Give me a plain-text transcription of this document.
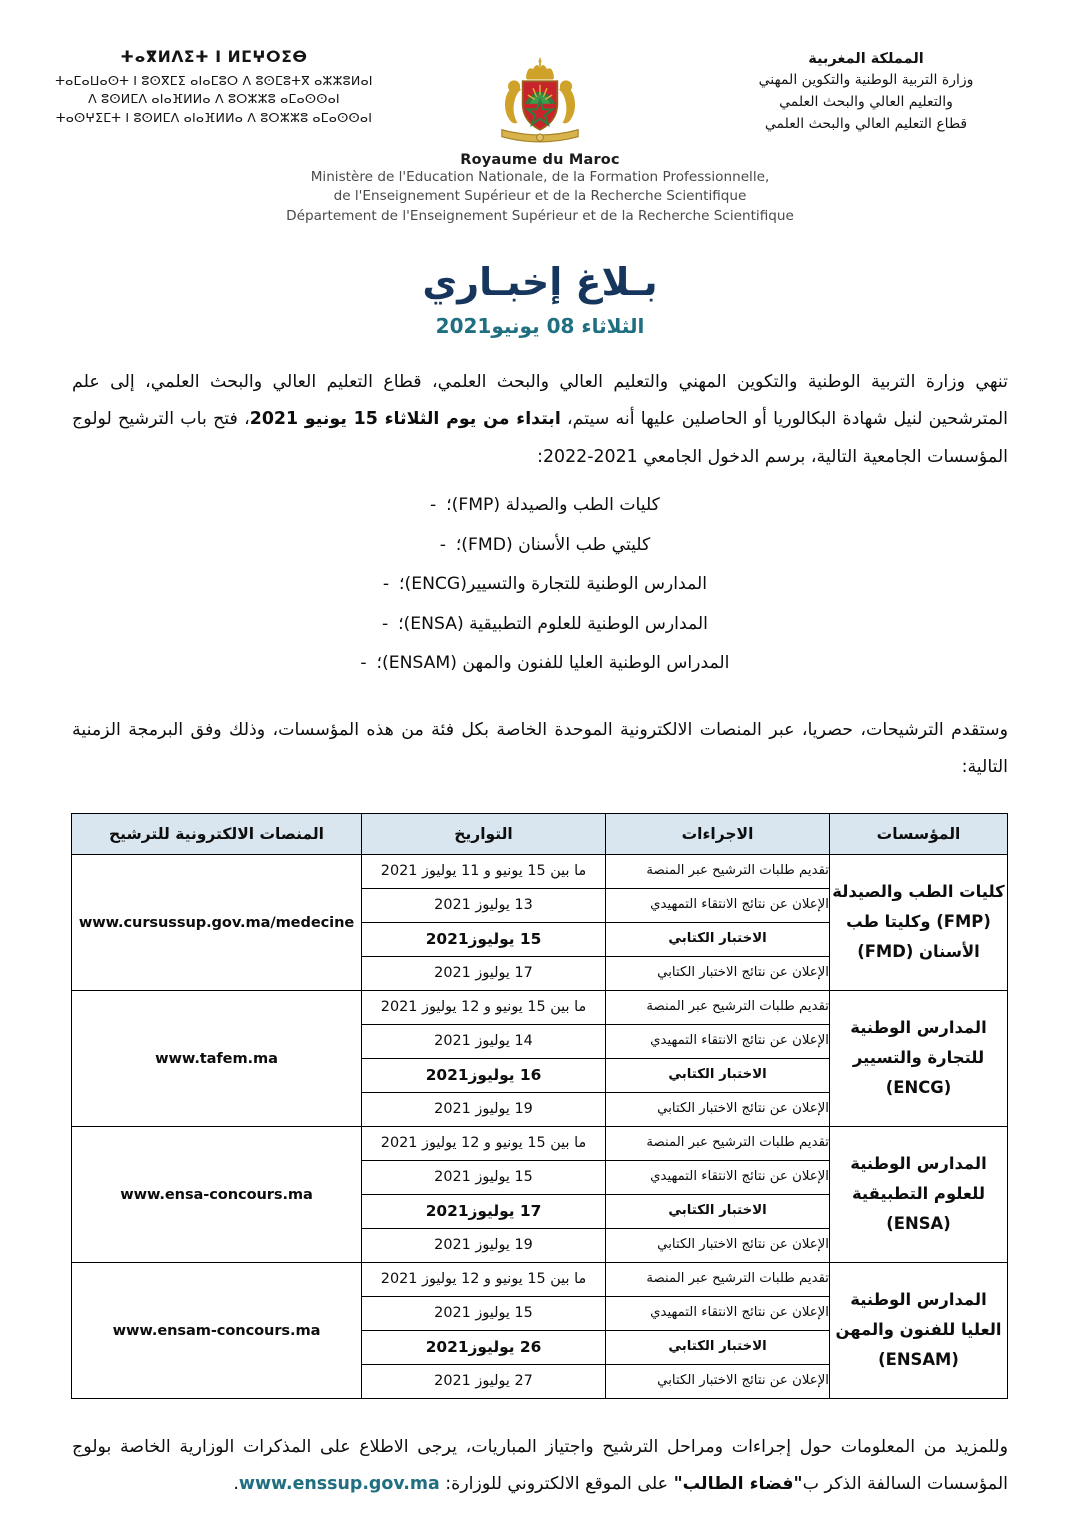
المملكة المغربية
وزارة التربية الوطنية والتكوين المهني
والتعليم العالي والبحث العلمي
قطاع التعليم العالي والبحث العلمي
ⵜⴰⴳⵍⴷⵉⵜ ⵏ ⵍⵎⵖⵔⵉⴱ
ⵜⴰⵎⴰⵡⴰⵙⵜ ⵏ ⵓⵙⴳⵎⵉ ⴰⵏⴰⵎⵓⵔ ⴷ ⵓⵙⵎⵓⵜⴳ ⴰⵣⵣⵓⵍⴰⵏ
ⴷ ⵓⵙⵍⵎⴷ ⴰⵏⴰⴼⵍⵍⴰ ⴷ ⵓⵔⵣⵣⵓ ⴰⵎⴰⵙⵙⴰⵏ
ⵜⴰⵙⵖⵉⵎⵜ ⵏ ⵓⵙⵍⵎⴷ ⴰⵏⴰⴼⵍⵍⴰ ⴷ ⵓⵔⵣⵣⵓ ⴰⵎⴰⵙⵙⴰⵏ
Royaume du Maroc
Ministère de l'Education Nationale, de la Formation Professionnelle,
de l'Enseignement Supérieur et de la Recherche Scientifique
Département de l'Enseignement Supérieur et de la Recherche Scientifique
بـلاغ إخبـاري
الثلاثاء 08 يونيو2021
تنهي وزارة التربية الوطنية والتكوين المهني والتعليم العالي والبحث العلمي، قطاع التعليم العالي والبحث العلمي، إلى علم المترشحين لنيل شهادة البكالوريا أو الحاصلين عليها أنه سيتم، ابتداء من يوم الثلاثاء 15 يونيو 2021، فتح باب الترشيح لولوج المؤسسات الجامعية التالية، برسم الدخول الجامعي 2021-2022:
كليات الطب والصيدلة (FMP)؛-
كليتي طب الأسنان (FMD)؛-
المدارس الوطنية للتجارة والتسيير(ENCG)؛-
المدارس الوطنية للعلوم التطبيقية (ENSA)؛-
المدراس الوطنية العليا للفنون والمهن (ENSAM)؛-
وستقدم الترشيحات، حصريا، عبر المنصات الالكترونية الموحدة الخاصة بكل فئة من هذه المؤسسات، وذلك وفق البرمجة الزمنية التالية:
المؤسسات	الاجراءات	التواريخ	المنصات الالكترونية للترشيح
كليات الطب والصيدلة (FMP) وكليتا طب الأسنان (FMD)	تقديم طلبات الترشيح عبر المنصة	ما بين 15 يونيو و 11 يوليوز 2021	www.cursussup.gov.ma/medecine
	الإعلان عن نتائج الانتقاء التمهيدي	13 يوليوز 2021	
	الاختبار الكتابي	15 يوليوز2021	
	الإعلان عن نتائج الاختبار الكتابي	17 يوليوز 2021	
المدارس الوطنية للتجارة والتسيير (ENCG)	تقديم طلبات الترشيح عبر المنصة	ما بين 15 يونيو و 12 يوليوز 2021	www.tafem.ma
	الإعلان عن نتائج الانتقاء التمهيدي	14 يوليوز 2021	
	الاختبار الكتابي	16 يوليوز2021	
	الإعلان عن نتائج الاختبار الكتابي	19 يوليوز 2021	
المدارس الوطنية للعلوم التطبيقية (ENSA)	تقديم طلبات الترشيح عبر المنصة	ما بين 15 يونيو و 12 يوليوز 2021	www.ensa-concours.ma
	الإعلان عن نتائج الانتقاء التمهيدي	15 يوليوز 2021	
	الاختبار الكتابي	17 يوليوز2021	
	الإعلان عن نتائج الاختبار الكتابي	19 يوليوز 2021	
المدارس الوطنية العليا للفنون والمهن (ENSAM)	تقديم طلبات الترشيح عبر المنصة	ما بين 15 يونيو و 12 يوليوز 2021	www.ensam-concours.ma
	الإعلان عن نتائج الانتقاء التمهيدي	15 يوليوز 2021	
	الاختبار الكتابي	26 يوليوز2021	
	الإعلان عن نتائج الاختبار الكتابي	27 يوليوز 2021	
وللمزيد من المعلومات حول إجراءات ومراحل الترشيح واجتياز المباريات، يرجى الاطلاع على المذكرات الوزارية الخاصة بولوج المؤسسات السالفة الذكر ب"فضاء الطالب" على الموقع الالكتروني للوزارة: www.enssup.gov.ma.
